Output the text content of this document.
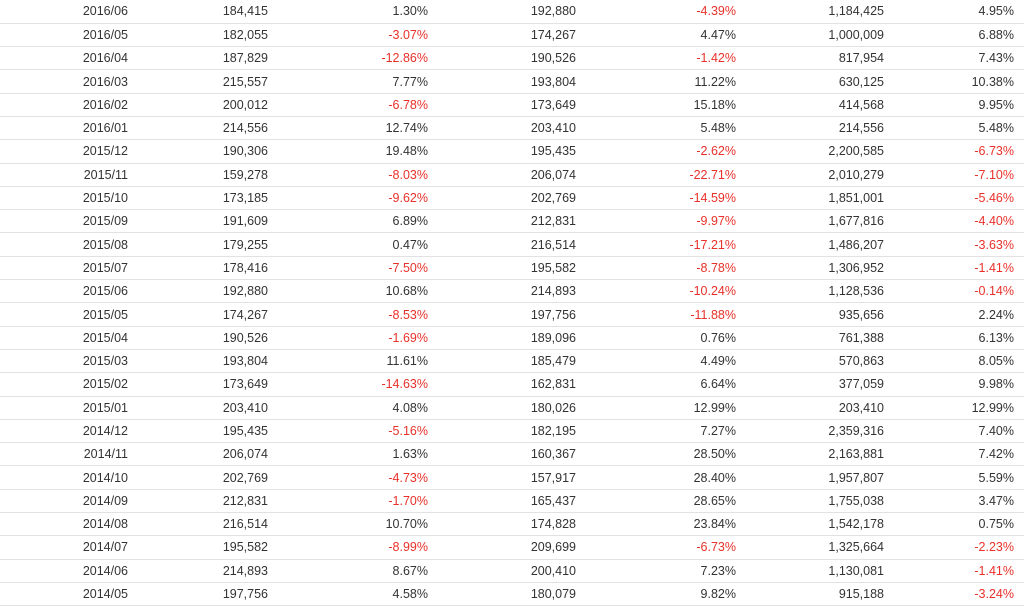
2016/06	184,415	1.30%	192,880	-4.39%	1,184,425	4.95%
2016/05	182,055	-3.07%	174,267	4.47%	1,000,009	6.88%
2016/04	187,829	-12.86%	190,526	-1.42%	817,954	7.43%
2016/03	215,557	7.77%	193,804	11.22%	630,125	10.38%
2016/02	200,012	-6.78%	173,649	15.18%	414,568	9.95%
2016/01	214,556	12.74%	203,410	5.48%	214,556	5.48%
2015/12	190,306	19.48%	195,435	-2.62%	2,200,585	-6.73%
2015/11	159,278	-8.03%	206,074	-22.71%	2,010,279	-7.10%
2015/10	173,185	-9.62%	202,769	-14.59%	1,851,001	-5.46%
2015/09	191,609	6.89%	212,831	-9.97%	1,677,816	-4.40%
2015/08	179,255	0.47%	216,514	-17.21%	1,486,207	-3.63%
2015/07	178,416	-7.50%	195,582	-8.78%	1,306,952	-1.41%
2015/06	192,880	10.68%	214,893	-10.24%	1,128,536	-0.14%
2015/05	174,267	-8.53%	197,756	-11.88%	935,656	2.24%
2015/04	190,526	-1.69%	189,096	0.76%	761,388	6.13%
2015/03	193,804	11.61%	185,479	4.49%	570,863	8.05%
2015/02	173,649	-14.63%	162,831	6.64%	377,059	9.98%
2015/01	203,410	4.08%	180,026	12.99%	203,410	12.99%
2014/12	195,435	-5.16%	182,195	7.27%	2,359,316	7.40%
2014/11	206,074	1.63%	160,367	28.50%	2,163,881	7.42%
2014/10	202,769	-4.73%	157,917	28.40%	1,957,807	5.59%
2014/09	212,831	-1.70%	165,437	28.65%	1,755,038	3.47%
2014/08	216,514	10.70%	174,828	23.84%	1,542,178	0.75%
2014/07	195,582	-8.99%	209,699	-6.73%	1,325,664	-2.23%
2014/06	214,893	8.67%	200,410	7.23%	1,130,081	-1.41%
2014/05	197,756	4.58%	180,079	9.82%	915,188	-3.24%
